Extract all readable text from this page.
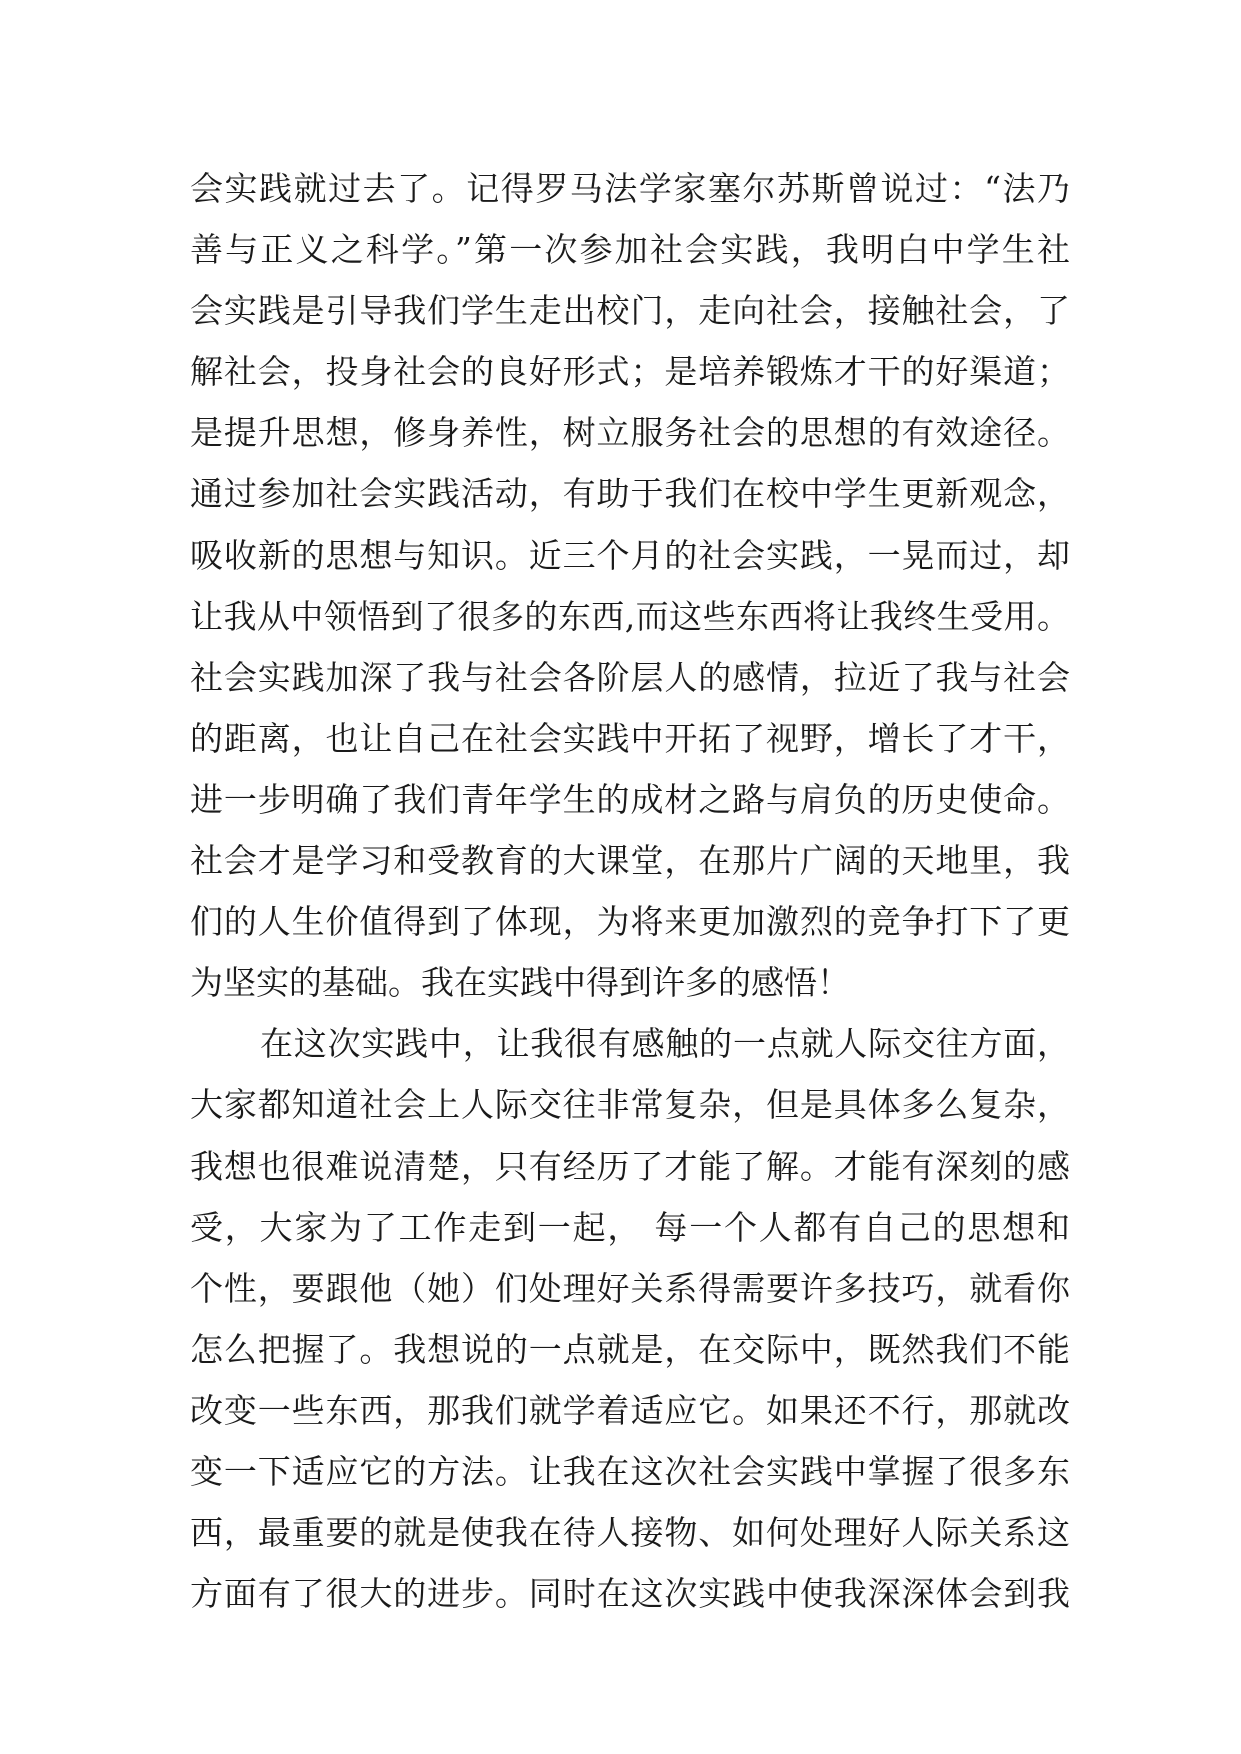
会实践就过去了。记得罗马法学家塞尔苏斯曾说过：“法乃
善与正义之科学。”第一次参加社会实践，我明白中学生社
会实践是引导我们学生走出校门，走向社会，接触社会，了
解社会，投身社会的良好形式；是培养锻炼才干的好渠道；
是提升思想，修身养性，树立服务社会的思想的有效途径。
通过参加社会实践活动，有助于我们在校中学生更新观念，
吸收新的思想与知识。近三个月的社会实践，一晃而过，却
让我从中领悟到了很多的东西,而这些东西将让我终生受用。
社会实践加深了我与社会各阶层人的感情，拉近了我与社会
的距离，也让自己在社会实践中开拓了视野，增长了才干，
进一步明确了我们青年学生的成材之路与肩负的历史使命。
社会才是学习和受教育的大课堂，在那片广阔的天地里，我
们的人生价值得到了体现，为将来更加激烈的竞争打下了更
为坚实的基础。我在实践中得到许多的感悟！
在这次实践中，让我很有感触的一点就人际交往方面，
大家都知道社会上人际交往非常复杂，但是具体多么复杂，
我想也很难说清楚，只有经历了才能了解。才能有深刻的感
受，大家为了工作走到一起， 每一个人都有自己的思想和
个性，要跟他（她）们处理好关系得需要许多技巧，就看你
怎么把握了。我想说的一点就是，在交际中，既然我们不能
改变一些东西，那我们就学着适应它。如果还不行，那就改
变一下适应它的方法。让我在这次社会实践中掌握了很多东
西，最重要的就是使我在待人接物、如何处理好人际关系这
方面有了很大的进步。同时在这次实践中使我深深体会到我
